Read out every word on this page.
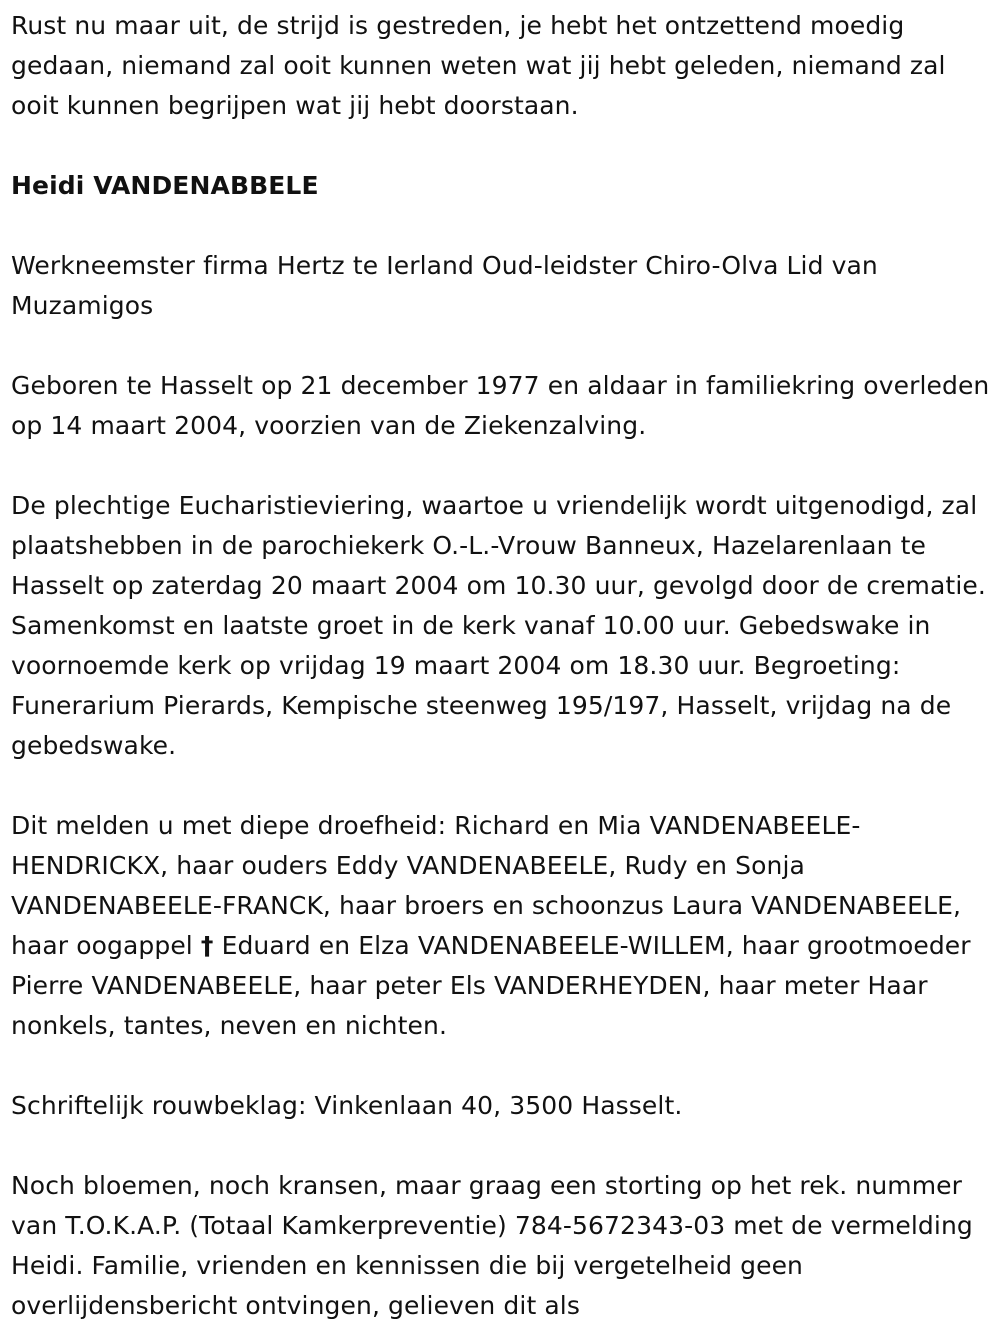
Rust nu maar uit, de strijd is gestreden, je hebt het ontzettend moedig gedaan, niemand zal ooit kunnen weten wat jij hebt geleden, niemand zal ooit kunnen begrijpen wat jij hebt doorstaan.

Heidi VANDENABBELE

Werkneemster firma Hertz te Ierland Oud-leidster Chiro-Olva Lid van Muzamigos

Geboren te Hasselt op 21 december 1977 en aldaar in familiekring overleden op 14 maart 2004, voorzien van de Ziekenzalving.

De plechtige Eucharistieviering, waartoe u vriendelijk wordt uitgenodigd, zal plaatshebben in de parochiekerk O.-L.-Vrouw Banneux, Hazelarenlaan te Hasselt op zaterdag 20 maart 2004 om 10.30 uur, gevolgd door de crematie. Samenkomst en laatste groet in de kerk vanaf 10.00 uur. Gebedswake in voornoemde kerk op vrijdag 19 maart 2004 om 18.30 uur. Begroeting: Funerarium Pierards, Kempische steenweg 195/197, Hasselt, vrijdag na de gebedswake.

Dit melden u met diepe droefheid: Richard en Mia VANDENABEELE-HENDRICKX, haar ouders Eddy VANDENABEELE, Rudy en Sonja VANDENABEELE-FRANCK, haar broers en schoonzus Laura VANDENABEELE, haar oogappel † Eduard en Elza VANDENABEELE-WILLEM, haar grootmoeder Pierre VANDENABEELE, haar peter Els VANDERHEYDEN, haar meter Haar nonkels, tantes, neven en nichten.

Schriftelijk rouwbeklag: Vinkenlaan 40, 3500 Hasselt.

Noch bloemen, noch kransen, maar graag een storting op het rek. nummer van T.O.K.A.P. (Totaal Kamkerpreventie) 784-5672343-03 met de vermelding Heidi. Familie, vrienden en kennissen die bij vergetelheid geen overlijdensbericht ontvingen, gelieven dit als
